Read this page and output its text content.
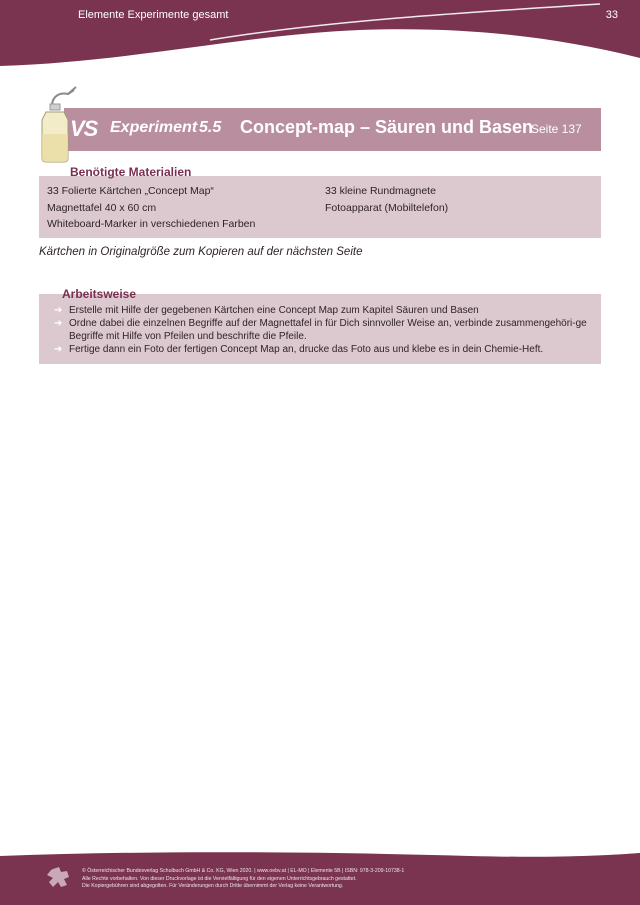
Elemente Experimente gesamt	33
VS Experiment 5.5 Concept-map – Säuren und Basen
Seite 137
Benötigte Materialien
33 Folierte Kärtchen „Concept Map“
Magnettafel 40 x 60 cm
Whiteboard-Marker in verschiedenen Farben
33 kleine Rundmagnete
Fotoapparat (Mobiltelefon)

Kärtchen in Originalgröße zum Kopieren auf der nächsten Seite

Arbeitsweise
➔ Erstelle mit Hilfe der gegebenen Kärtchen eine Concept Map zum Kapitel Säuren und Basen
➔ Ordne dabei die einzelnen Begriffe auf der Magnettafel in für Dich sinnvoller Weise an, verbinde zusammengehöri-ge Begriffe mit Hilfe von Pfeilen und beschrifte die Pfeile.
➔ Fertige dann ein Foto der fertigen Concept Map an, drucke das Foto aus und klebe es in dein Chemie-Heft.
© Österreichischer Bundesverlag Schulbuch GmbH & Co. KG, Wien 2020. | www.oebv.at | EL-MO | Elemente 5B | ISBN: 978-3-209-10738-1
Alle Rechte vorbehalten. Von dieser Druckvorlage ist die Vervielfältigung für den eigenen Unterrichtsgebrauch gestattet.
Die Kopiergebühren sind abgegolten. Für Veränderungen durch Dritte übernimmt der Verlag keine Verantwortung.
